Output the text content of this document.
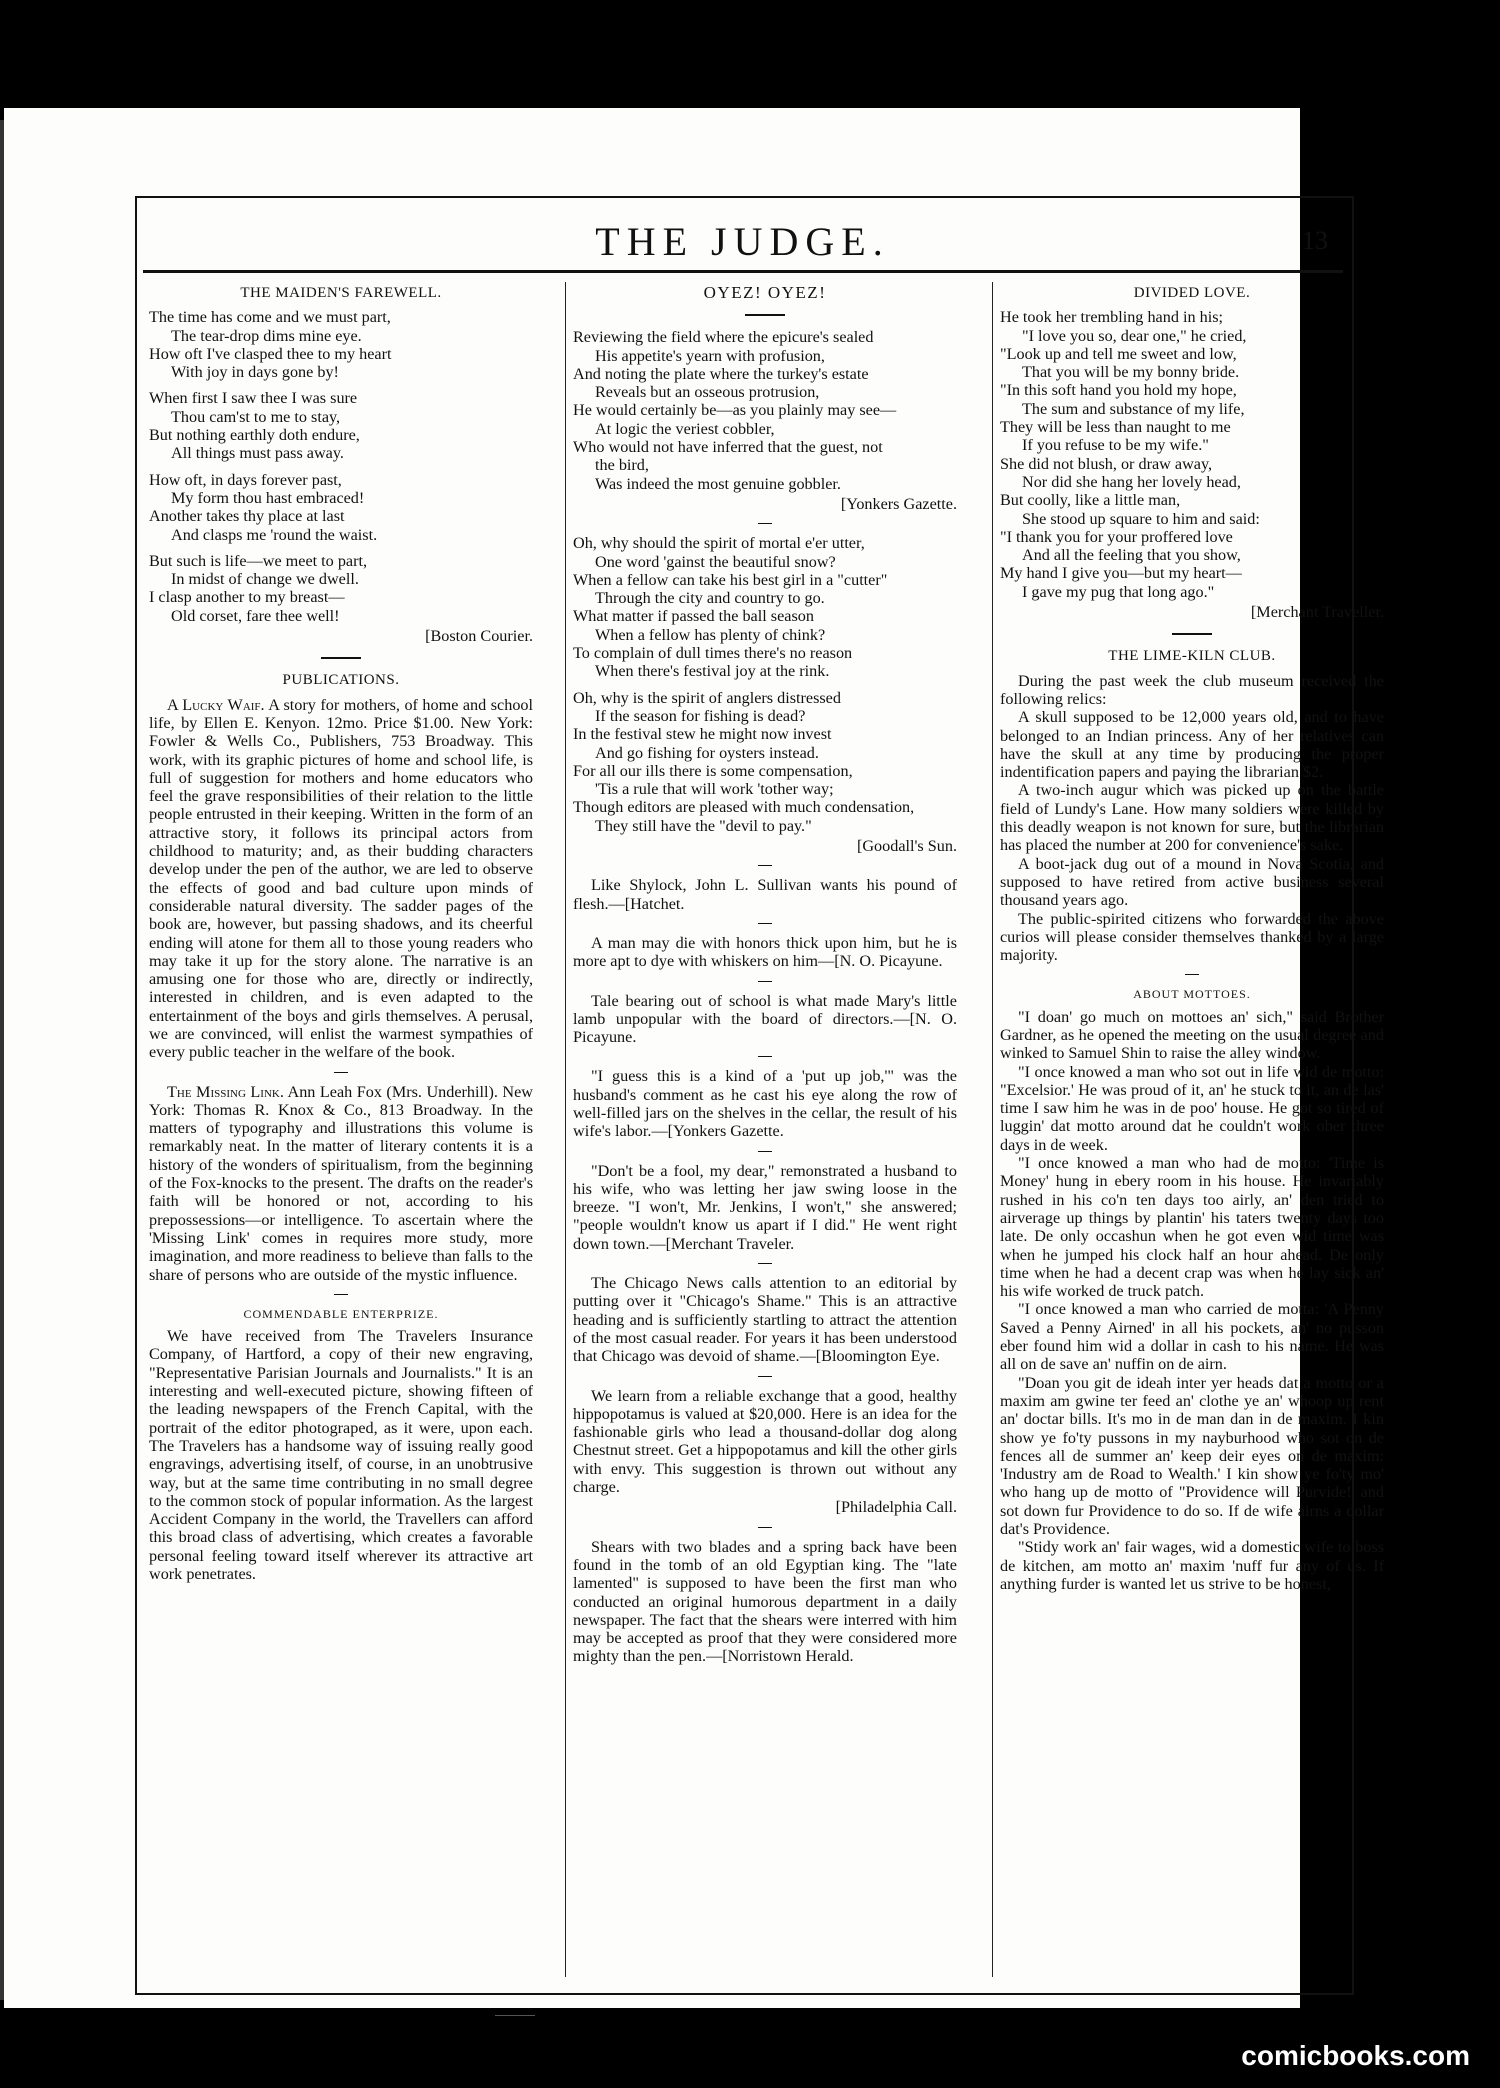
THE JUDGE.	13
THE MAIDEN'S FAREWELL.
The time has come and we must part,
The tear-drop dims mine eye.
How oft I've clasped thee to my heart
With joy in days gone by!
When first I saw thee I was sure
Thou cam'st to me to stay,
But nothing earthly doth endure,
All things must pass away.
How oft, in days forever past,
My form thou hast embraced!
Another takes thy place at last
And clasps me 'round the waist.
But such is life—we meet to part,
In midst of change we dwell.
I clasp another to my breast—
Old corset, fare thee well!
[Boston Courier.
PUBLICATIONS.

A Lucky Waif. A story for mothers, of home and school life, by Ellen E. Kenyon. 12mo. Price $1.00. New York: Fowler & Wells Co., Publishers, 753 Broadway. This work, with its graphic pictures of home and school life, is full of suggestion for mothers and home educators who feel the grave responsibilities of their relation to the little people entrusted in their keeping. Written in the form of an attractive story, it follows its principal actors from childhood to maturity; and, as their budding characters develop under the pen of the author, we are led to observe the effects of good and bad culture upon minds of considerable natural diversity. The sadder pages of the book are, however, but passing shadows, and its cheerful ending will atone for them all to those young readers who may take it up for the story alone. The narrative is an amusing one for those who are, directly or indirectly, interested in children, and is even adapted to the entertainment of the boys and girls themselves. A perusal, we are convinced, will enlist the warmest sympathies of every public teacher in the welfare of the book.

The Missing Link. Ann Leah Fox (Mrs. Underhill). New York: Thomas R. Knox & Co., 813 Broadway. In the matters of typography and illustrations this volume is remarkably neat. In the matter of literary contents it is a history of the wonders of spiritualism, from the beginning of the Fox-knocks to the present. The drafts on the reader's faith will be honored or not, according to his prepossessions—or intelligence. To ascertain where the 'Missing Link' comes in requires more study, more imagination, and more readiness to believe than falls to the share of persons who are outside of the mystic influence.

COMMENDABLE ENTERPRIZE.

We have received from The Travelers Insurance Company, of Hartford, a copy of their new engraving, "Representative Parisian Journals and Journalists." It is an interesting and well-executed picture, showing fifteen of the leading newspapers of the French Capital, with the portrait of the editor photograped, as it were, upon each. The Travelers has a handsome way of issuing really good engravings, advertising itself, of course, in an unobtrusive way, but at the same time contributing in no small degree to the common stock of popular information. As the largest Accident Company in the world, the Travellers can afford this broad class of advertising, which creates a favorable personal feeling toward itself wherever its attractive art work penetrates.

OYEZ! OYEZ!
Reviewing the field where the epicure's sealed
His appetite's yearn with profusion,
And noting the plate where the turkey's estate
Reveals but an osseous protrusion,
He would certainly be—as you plainly may see—
At logic the veriest cobbler,
Who would not have inferred that the guest, not
the bird,
Was indeed the most genuine gobbler.
[Yonkers Gazette.
Oh, why should the spirit of mortal e'er utter,
One word 'gainst the beautiful snow?
When a fellow can take his best girl in a "cutter"
Through the city and country to go.
What matter if passed the ball season
When a fellow has plenty of chink?
To complain of dull times there's no reason
When there's festival joy at the rink.
Oh, why is the spirit of anglers distressed
If the season for fishing is dead?
In the festival stew he might now invest
And go fishing for oysters instead.
For all our ills there is some compensation,
'Tis a rule that will work 'tother way;
Though editors are pleased with much condensation,
They still have the "devil to pay."
[Goodall's Sun.

Like Shylock, John L. Sullivan wants his pound of flesh.—[Hatchet.

A man may die with honors thick upon him, but he is more apt to dye with whiskers on him—[N. O. Picayune.

Tale bearing out of school is what made Mary's little lamb unpopular with the board of directors.—[N. O. Picayune.

"I guess this is a kind of a 'put up job,'" was the husband's comment as he cast his eye along the row of well-filled jars on the shelves in the cellar, the result of his wife's labor.—[Yonkers Gazette.

"Don't be a fool, my dear," remonstrated a husband to his wife, who was letting her jaw swing loose in the breeze. "I won't, Mr. Jenkins, I won't," she answered; "people wouldn't know us apart if I did." He went right down town.—[Merchant Traveler.

The Chicago News calls attention to an editorial by putting over it "Chicago's Shame." This is an attractive heading and is sufficiently startling to attract the attention of the most casual reader. For years it has been understood that Chicago was devoid of shame.—[Bloomington Eye.

We learn from a reliable exchange that a good, healthy hippopotamus is valued at $20,000. Here is an idea for the fashionable girls who lead a thousand-dollar dog along Chestnut street. Get a hippopotamus and kill the other girls with envy. This suggestion is thrown out without any charge.

[Philadelphia Call.

Shears with two blades and a spring back have been found in the tomb of an old Egyptian king. The "late lamented" is supposed to have been the first man who conducted an original humorous department in a daily newspaper. The fact that the shears were interred with him may be accepted as proof that they were considered more mighty than the pen.—[Norristown Herald.

DIVIDED LOVE.
He took her trembling hand in his;
"I love you so, dear one," he cried,
"Look up and tell me sweet and low,
That you will be my bonny bride.
"In this soft hand you hold my hope,
The sum and substance of my life,
They will be less than naught to me
If you refuse to be my wife."
She did not blush, or draw away,
Nor did she hang her lovely head,
But coolly, like a little man,
She stood up square to him and said:
"I thank you for your proffered love
And all the feeling that you show,
My hand I give you—but my heart—
I gave my pug that long ago."
[Merchant Traveller.
THE LIME-KILN CLUB.

During the past week the club museum received the following relics:

A skull supposed to be 12,000 years old, and to have belonged to an Indian princess. Any of her relatives can have the skull at any time by producing the proper indentification papers and paying the librarian $2.

A two-inch augur which was picked up on the battle field of Lundy's Lane. How many soldiers were killed by this deadly weapon is not known for sure, but the librarian has placed the number at 200 for convenience's sake.

A boot-jack dug out of a mound in Nova Scotia, and supposed to have retired from active business several thousand years ago.

The public-spirited citizens who forwarded the above curios will please consider themselves thanked by a large majority.

ABOUT MOTTOES.

"I doan' go much on mottoes an' sich," said Brother Gardner, as he opened the meeting on the usual degree and winked to Samuel Shin to raise the alley window.

"I once knowed a man who sot out in life wid de motto: "Excelsior.' He was proud of it, an' he stuck to it, an de las' time I saw him he was in de poo' house. He got so tired of luggin' dat motto around dat he couldn't work ober three days in de week.

"I once knowed a man who had de motto: 'Time is Money' hung in ebery room in his house. He invariably rushed in his co'n ten days too airly, an' den tried to airverage up things by plantin' his taters twenty days too late. De only occashun when he got even wid time was when he jumped his clock half an hour ahead. De only time when he had a decent crap was when he lay sick an' his wife worked de truck patch.

"I once knowed a man who carried de motta: 'A Penny Saved a Penny Airned' in all his pockets, an' no pusson eber found him wid a dollar in cash to his name. He was all on de save an' nuffin on de airn.

"Doan you git de ideah inter yer heads dat a motto or a maxim am gwine ter feed an' clothe ye an' whoop up rent an' doctar bills. It's mo in de man dan in de maxim. I kin show ye fo'ty pussons in my nayburhood who sot on de fences all de summer an' keep deir eyes on de maxim: 'Industry am de Road to Wealth.' I kin show ye fo'ty mo' who hang up de motto of "Providence will Purvide!' and sot down fur Providence to do so. If de wife airns a dollar dat's Providence.

"Stidy work an' fair wages, wid a domestic wife to boss de kitchen, am motto an' maxim 'nuff fur any of us. If anything furder is wanted let us strive to be honest,

comicbooks.com
